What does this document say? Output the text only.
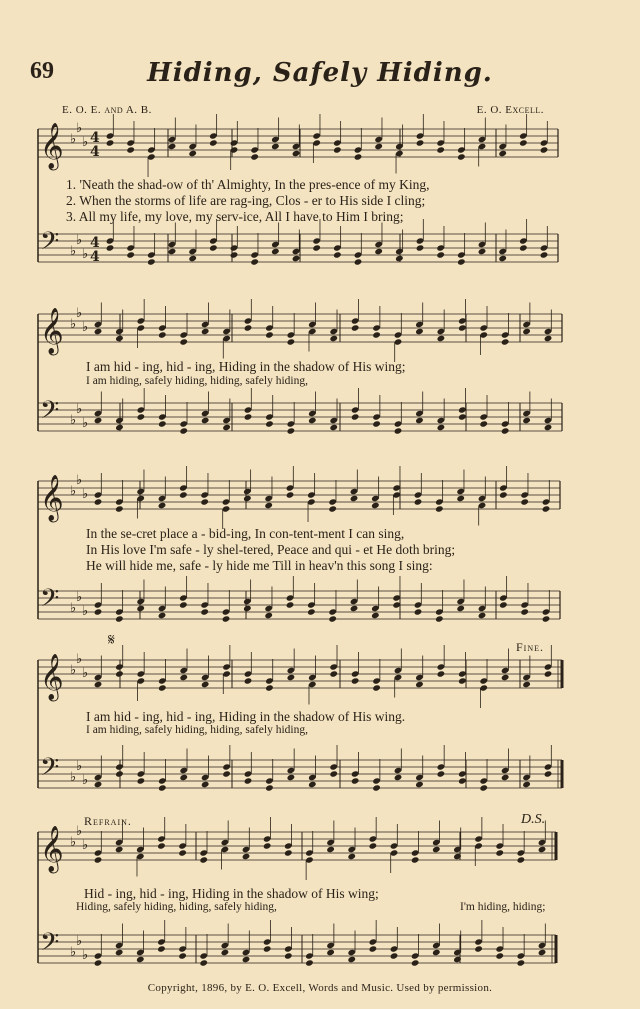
69	Hiding, Safely Hiding.
E. O. E. and A. B.	E. O. Excell.
𝄞 ♭
♭
♭ 4
4
𝄢 ♭
♭
♭
4
4
𝄞 ♭
♭
♭
𝄢 ♭
♭
♭
𝄞 ♭
♭
♭
𝄢 ♭
♭
♭
𝄞 ♭
♭
♭
𝄢 ♭
♭
♭
𝄞 ♭
♭
♭
𝄢 ♭
♭
♭
1. 'Neath the shad-ow of th' Almighty, In the pres-ence of my King,
2. When the storms of life are rag-ing, Clos - er to His side I cling;
3. All my life, my love, my serv-ice, All I have to Him I bring;
I am hid - ing, hid - ing, Hiding in the shadow of His wing;
I am hiding, safely hiding, hiding, safely hiding,
In the se-cret place a - bid-ing, In con-tent-ment I can sing,
In His love I'm safe - ly shel-tered, Peace and qui - et He doth bring;
He will hide me, safe - ly hide me Till in heav'n this song I sing:
𝄋	Fine.
I am hid - ing, hid - ing, Hiding in the shadow of His wing.
I am hiding, safely hiding, hiding, safely hiding,
Refrain.	D.S.
Hid - ing, hid - ing, Hiding in the shadow of His wing;
Hiding, safely hiding, hiding, safely hiding,	I'm hiding, hiding;
Copyright, 1896, by E. O. Excell, Words and Music. Used by permission.
